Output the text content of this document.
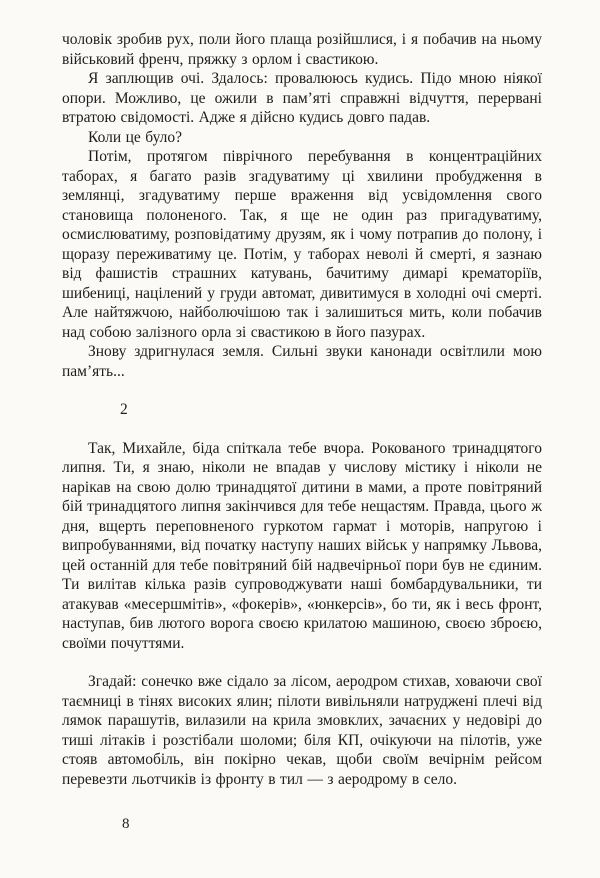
чоловік зробив рух, поли його плаща розійшлися, і я побачив на ньому військовий френч, пряжку з орлом і свастикою.

Я заплющив очі. Здалось: провалююсь кудись. Підо мною ніякої опори. Можливо, це ожили в пам’яті справжні відчуття, перервані втратою свідомості. Адже я дійсно кудись довго падав.

Коли це було?

Потім, протягом піврічного перебування в концентраційних таборах, я багато разів згадуватиму ці хвилини пробудження в землянці, згадуватиму перше враження від усвідомлення свого становища полоненого. Так, я ще не один раз пригадуватиму, осмислюватиму, розповідатиму друзям, як і чому потрапив до полону, і щоразу переживатиму це. Потім, у таборах неволі й смерті, я зазнаю від фашистів страшних катувань, бачитиму димарі крематоріїв, шибениці, націлений у груди автомат, дивитимуся в холодні очі смерті. Але найтяжчою, найболючішою так і залишиться мить, коли побачив над собою залізного орла зі свастикою в його пазурах.

Знову здригнулася земля. Сильні звуки канонади освітлили мою пам’ять...

2

Так, Михайле, біда спіткала тебе вчора. Рокованого тринадцятого липня. Ти, я знаю, ніколи не впадав у числову містику і ніколи не нарікав на свою долю тринадцятої дитини в мами, а проте повітряний бій тринадцятого липня закінчився для тебе нещастям. Правда, цього ж дня, вщерть переповненого гуркотом гармат і моторів, напругою і випробуваннями, від початку наступу наших військ у напрямку Львова, цей останній для тебе повітряний бій надвечірньої пори був не єдиним. Ти вилітав кілька разів супроводжувати наші бомбардувальники, ти атакував «месершмітів», «фокерів», «юнкерсів», бо ти, як і весь фронт, наступав, бив лютого ворога своєю крилатою машиною, своєю зброєю, своїми почуттями.

Згадай: сонечко вже сідало за лісом, аеродром стихав, ховаючи свої таємниці в тінях високих ялин; пілоти вивільняли натруджені плечі від лямок парашутів, вилазили на крила змовклих, зачаєних у недовірі до тиші літаків і розстібали шоломи; біля КП, очікуючи на пілотів, уже стояв автомобіль, він покірно чекав, щоби своїм вечірнім рейсом перевезти льотчиків із фронту в тил — з аеродрому в село.

8
